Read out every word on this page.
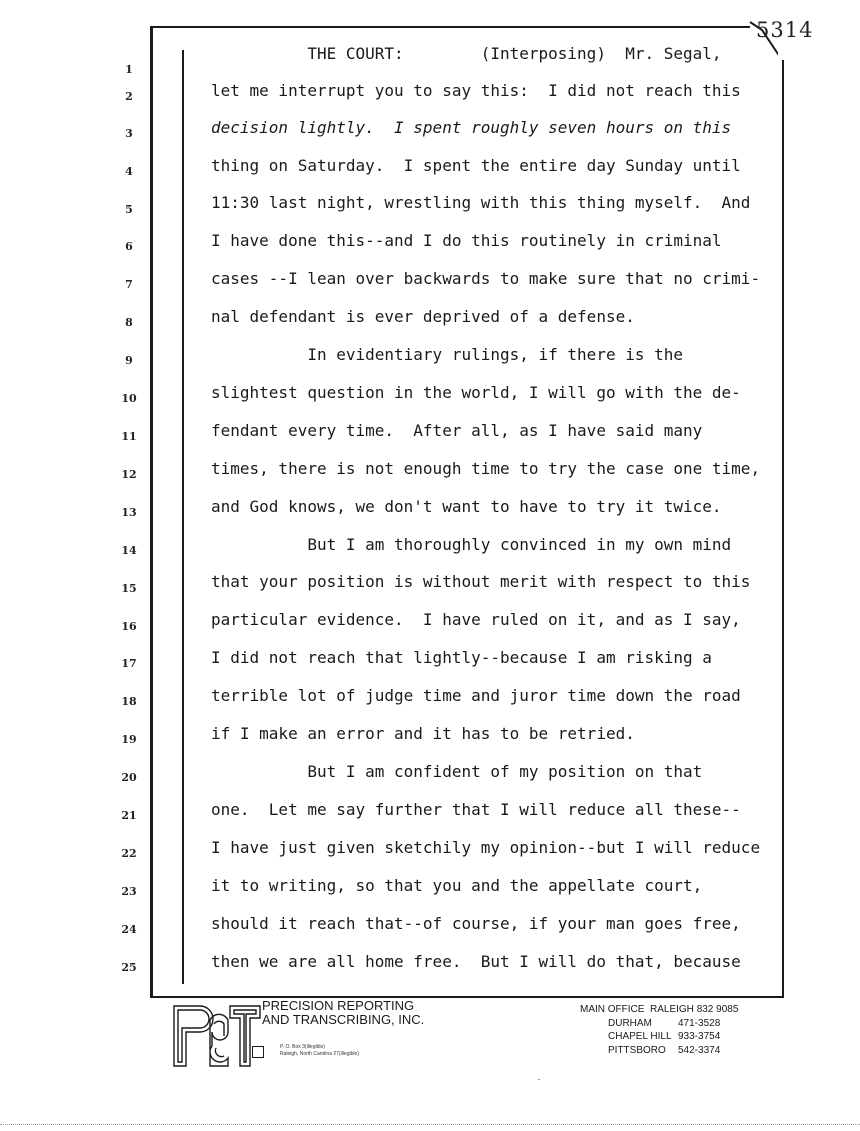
5314
1
THE COURT:        (Interposing)  Mr. Segal,
2	let me interrupt you to say this:  I did not reach this
3	decision lightly.  I spent roughly seven hours on this
4	thing on Saturday.  I spent the entire day Sunday until
5	11:30 last night, wrestling with this thing myself.  And
6	I have done this--and I do this routinely in criminal
7	cases --I lean over backwards to make sure that no crimi-
8	nal defendant is ever deprived of a defense.
9	In evidentiary rulings, if there is the
10	slightest question in the world, I will go with the de-
11	fendant every time.  After all, as I have said many
12	times, there is not enough time to try the case one time,
13	and God knows, we don't want to have to try it twice.
14	But I am thoroughly convinced in my own mind
15	that your position is without merit with respect to this
16	particular evidence.  I have ruled on it, and as I say,
17	I did not reach that lightly--because I am risking a
18	terrible lot of judge time and juror time down the road
19	if I make an error and it has to be retried.
20	But I am confident of my position on that
21	one.  Let me say further that I will reduce all these--
22	I have just given sketchily my opinion--but I will reduce
23	it to writing, so that you and the appellate court,
24	should it reach that--of course, if your man goes free,
25	then we are all home free.  But I will do that, because
P&T
PRECISION REPORTING
AND TRANSCRIBING, INC.
P. O. Box 3(illegible)
Raleigh, North Carolina 27(illegible)
MAIN OFFICE  RALEIGH 832 9085
DURHAM	471-3528
CHAPEL HILL 933-3754
PITTSBORO 542-3374
